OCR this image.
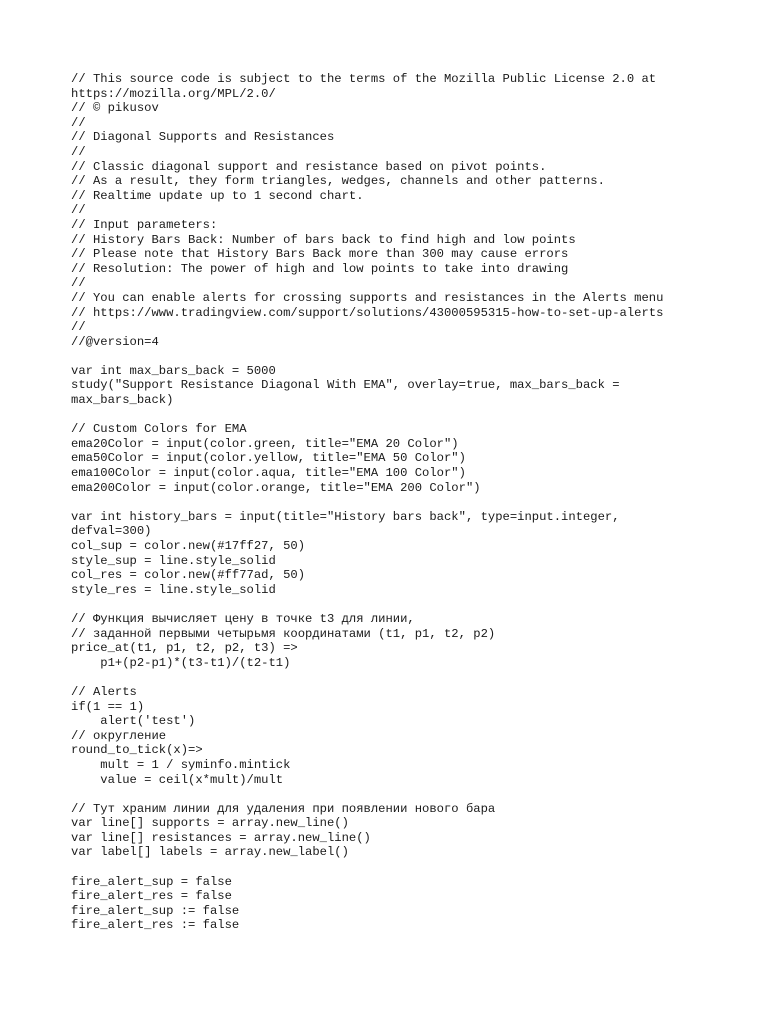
// This source code is subject to the terms of the Mozilla Public License 2.0 at
https://mozilla.org/MPL/2.0/
// © pikusov
//
// Diagonal Supports and Resistances
//
// Classic diagonal support and resistance based on pivot points.
// As a result, they form triangles, wedges, channels and other patterns.
// Realtime update up to 1 second chart.
//
// Input parameters:
// History Bars Back: Number of bars back to find high and low points
// Please note that History Bars Back more than 300 may cause errors
// Resolution: The power of high and low points to take into drawing
//
// You can enable alerts for crossing supports and resistances in the Alerts menu
// https://www.tradingview.com/support/solutions/43000595315-how-to-set-up-alerts
//
//@version=4
var int max_bars_back = 5000
study("Support Resistance Diagonal With EMA", overlay=true, max_bars_back =
max_bars_back)
// Custom Colors for EMA
ema20Color = input(color.green, title="EMA 20 Color")
ema50Color = input(color.yellow, title="EMA 50 Color")
ema100Color = input(color.aqua, title="EMA 100 Color")
ema200Color = input(color.orange, title="EMA 200 Color")
var int history_bars = input(title="History bars back", type=input.integer,
defval=300)
col_sup = color.new(#17ff27, 50)
style_sup = line.style_solid
col_res = color.new(#ff77ad, 50)
style_res = line.style_solid
// Функция вычисляет цену в точке t3 для линии,
// заданной первыми четырьмя координатами (t1, p1, t2, p2)
price_at(t1, p1, t2, p2, t3) =>
p1+(p2-p1)*(t3-t1)/(t2-t1)
// Alerts
if(1 == 1)
alert('test')
// округление
round_to_tick(x)=>
mult = 1 / syminfo.mintick
value = ceil(x*mult)/mult
// Тут храним линии для удаления при появлении нового бара
var line[] supports = array.new_line()
var line[] resistances = array.new_line()
var label[] labels = array.new_label()
fire_alert_sup = false
fire_alert_res = false
fire_alert_sup := false
fire_alert_res := false
